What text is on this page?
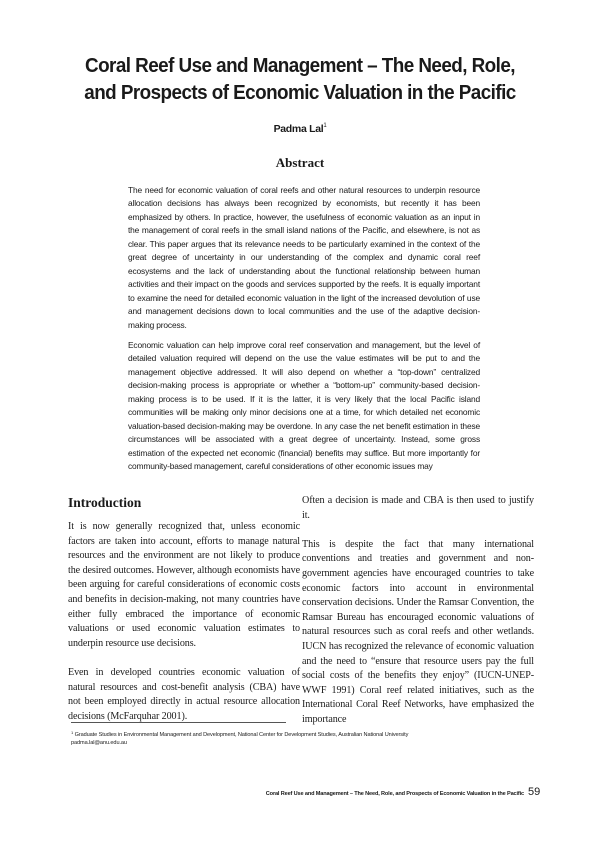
Coral Reef Use and Management – The Need, Role, and Prospects of Economic Valuation in the Pacific
Padma Lal$^1$
Abstract
The need for economic valuation of coral reefs and other natural resources to underpin resource allocation decisions has always been recognized by economists, but recently it has been emphasized by others. In practice, however, the usefulness of economic valuation as an input in the management of coral reefs in the small island nations of the Pacific, and elsewhere, is not as clear. This paper argues that its relevance needs to be particularly examined in the context of the great degree of uncertainty in our understanding of the complex and dynamic coral reef ecosystems and the lack of understanding about the functional relationship between human activities and their impact on the goods and services supported by the reefs. It is equally important to examine the need for detailed economic valuation in the light of the increased devolution of use and management decisions down to local communities and the use of the adaptive decision-making process.
Economic valuation can help improve coral reef conservation and management, but the level of detailed valuation required will depend on the use the value estimates will be put to and the management objective addressed. It will also depend on whether a “top-down” centralized decision-making process is appropriate or whether a “bottom-up” community-based decision-making process is to be used. If it is the latter, it is very likely that the local Pacific island communities will be making only minor decisions one at a time, for which detailed net economic valuation-based decision-making may be overdone. In any case the net benefit estimation in these circumstances will be associated with a great degree of uncertainty. Instead, some gross estimation of the expected net economic (financial) benefits may suffice. But more importantly for community-based management, careful considerations of other economic issues may
Introduction

It is now generally recognized that, unless economic factors are taken into account, efforts to manage natural resources and the environment are not likely to produce the desired outcomes. However, although economists have been arguing for careful considerations of economic costs and benefits in decision-making, not many countries have either fully embraced the importance of economic valuations or used economic valuation estimates to underpin resource use decisions.

Even in developed countries economic valuation of natural resources and cost-benefit analysis (CBA) have not been employed directly in actual resource allocation decisions (McFarquhar 2001).

Often a decision is made and CBA is then used to justify it.

This is despite the fact that many international conventions and treaties and government and non-government agencies have encouraged countries to take economic factors into account in environmental conservation decisions. Under the Ramsar Convention, the Ramsar Bureau has encouraged economic valuations of natural resources such as coral reefs and other wetlands. IUCN has recognized the relevance of economic valuation and the need to “ensure that resource users pay the full social costs of the benefits they enjoy” (IUCN-UNEP-WWF 1991) Coral reef related initiatives, such as the International Coral Reef Networks, have emphasized the importance

$^1$ Graduate Studies in Environmental Management and Development, National Center for Development Studies, Australian National University
padma.lal@anu.edu.au
Coral Reef Use and Management – The Need, Role, and Prospects of Economic Valuation in the Pacific 59
